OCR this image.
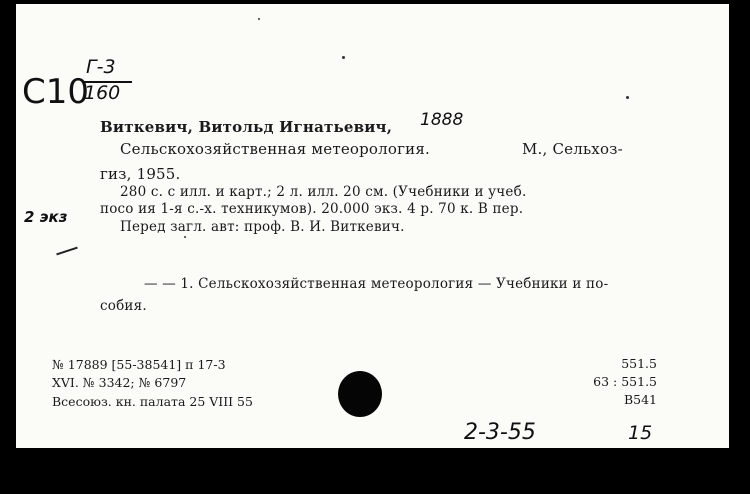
C10
Г-3
160
Виткевич, Витольд Игнатьевич, 1888
Сельскохозяйственная метеорология.	М., Сельхоз-
гиз, 1955.
280 с. с илл. и карт.; 2 л. илл. 20 см. (Учебники и учеб.
посо ия 1-я с.-х. техникумов). 20.000 экз. 4 р. 70 к. В пер.
Перед загл. авт: проф. В. И. Виткевич.
2 экз
— — 1. Сельскохозяйственная метеорология — Учебники и по-
собия.
№ 17889 [55-38541] п 17-3
XVI. № 3342; № 6797
Всесоюз. кн. палата 25 VIII 55
551.5
63 : 551.5
В541
2-3-55	15
